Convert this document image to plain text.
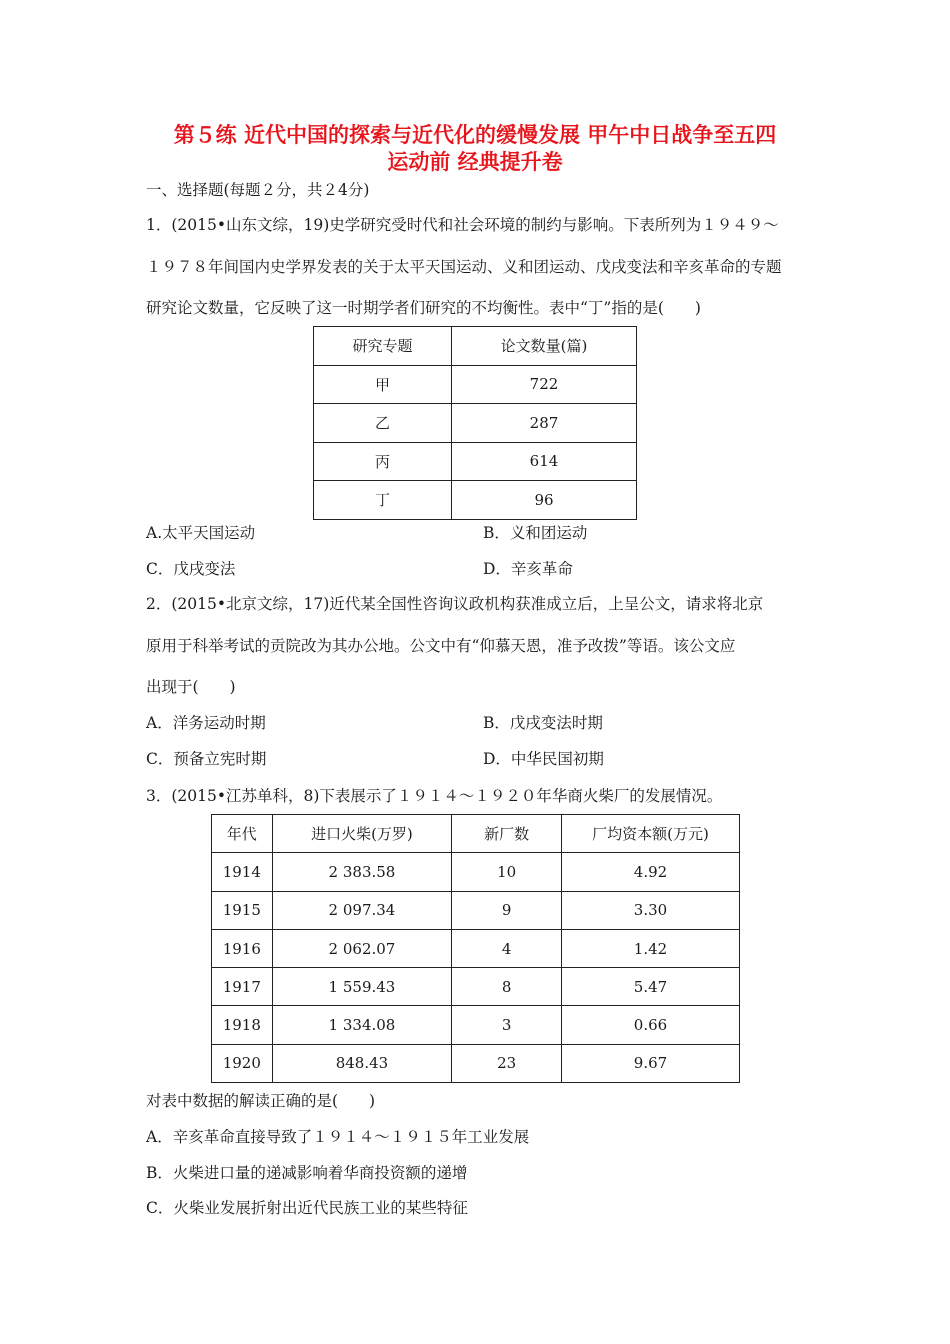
第５练 近代中国的探索与近代化的缓慢发展 甲午中日战争至五四
运动前 经典提升卷
一、选择题(每题２分，共２4分)
1．(2015•山东文综，19)史学研究受时代和社会环境的制约与影响。下表所列为１９４９～
１９７８年间国内史学界发表的关于太平天国运动、义和团运动、戊戌变法和辛亥革命的专题
研究论文数量，它反映了这一时期学者们研究的不均衡性。表中“丁”指的是(　　)
研究专题	论文数量(篇)
甲	722
乙	287
丙	614
丁	96
A.太平天国运动	B．义和团运动
C．戊戌变法	D．辛亥革命
2．(2015•北京文综，17)近代某全国性咨询议政机构获准成立后，上呈公文，请求将北京
原用于科举考试的贡院改为其办公地。公文中有“仰慕天恩，准予改拨”等语。该公文应
出现于(　　)
A．洋务运动时期	B．戊戌变法时期
C．预备立宪时期	D．中华民国初期
3．(2015•江苏单科，8)下表展示了１９１４～１９２０年华商火柴厂的发展情况。
年代	进口火柴(万罗)	新厂数	厂均资本额(万元)
1914	2 383.58	10	4.92
1915	2 097.34	9	3.30
1916	2 062.07	4	1.42
1917	1 559.43	8	5.47
1918	1 334.08	3	0.66
1920	848.43	23	9.67
对表中数据的解读正确的是(　　)
A．辛亥革命直接导致了１９１４～１９１５年工业发展
B．火柴进口量的递减影响着华商投资额的递增
C．火柴业发展折射出近代民族工业的某些特征
